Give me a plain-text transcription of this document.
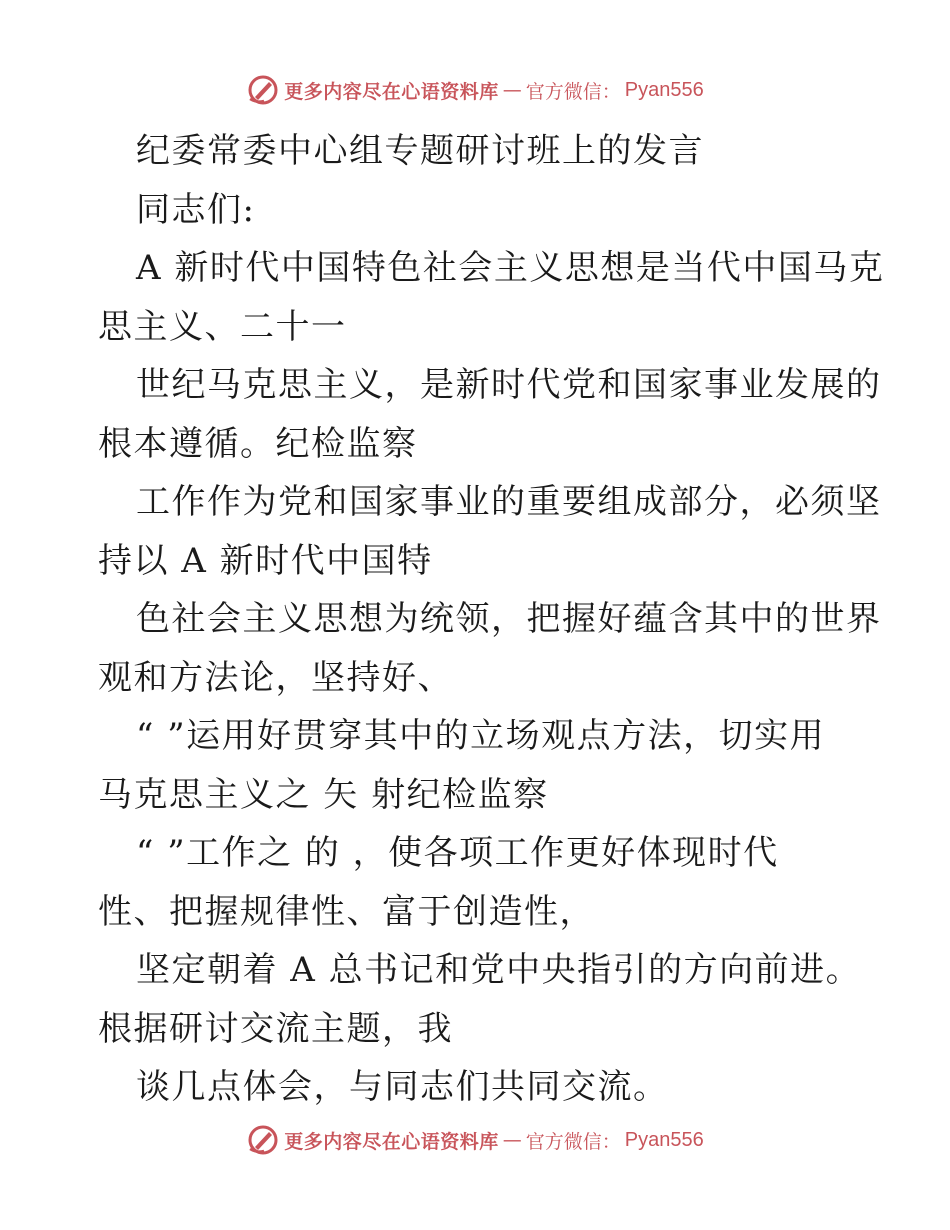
更多内容尽在心语资料库 — 官方微信： Pyan556
纪委常委中心组专题研讨班上的发言
同志们:
A 新时代中国特色社会主义思想是当代中国马克
思主义、二十一
世纪马克思主义，是新时代党和国家事业发展的
根本遵循。纪检监察
工作作为党和国家事业的重要组成部分，必须坚
持以 A 新时代中国特
色社会主义思想为统领，把握好蕴含其中的世界
观和方法论，坚持好、
“ ”运用好贯穿其中的立场观点方法，切实用
马克思主义之 矢 射纪检监察
“ ”工作之 的 ，使各项工作更好体现时代
性、把握规律性、富于创造性，
坚定朝着 A 总书记和党中央指引的方向前进。
根据研讨交流主题，我
谈几点体会，与同志们共同交流。
更多内容尽在心语资料库 — 官方微信： Pyan556
